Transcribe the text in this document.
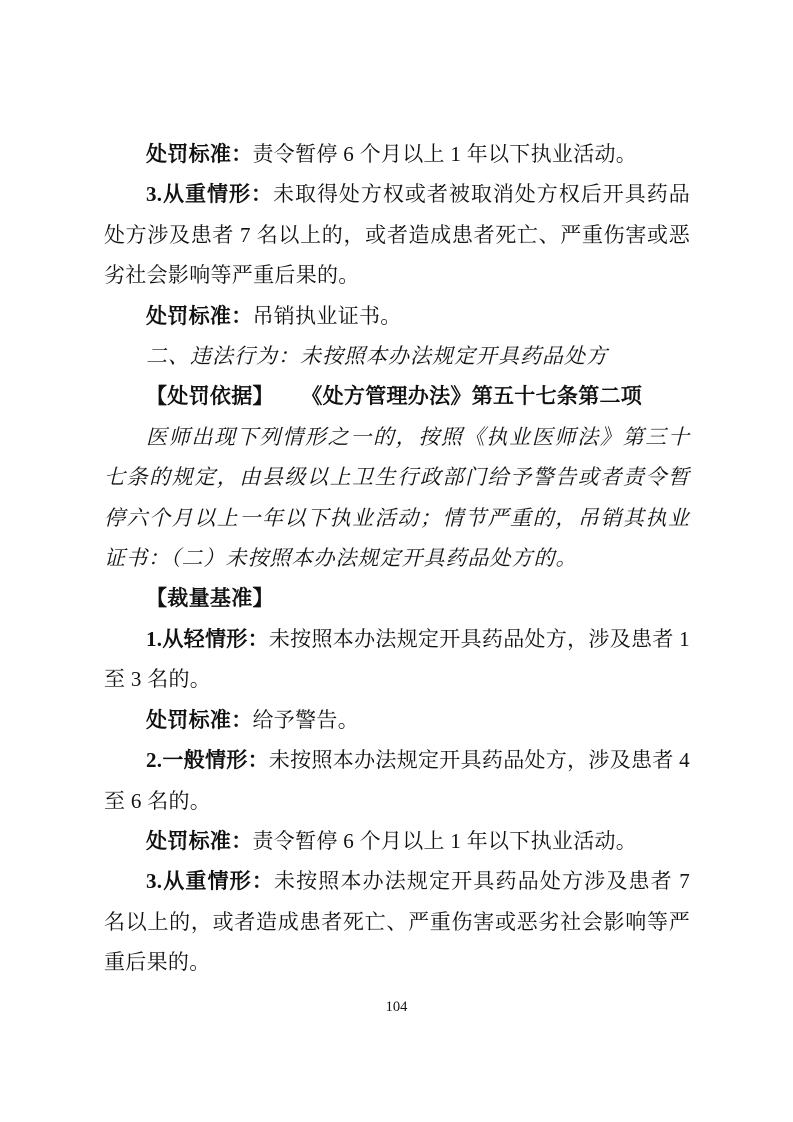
处罚标准：责令暂停 6 个月以上 1 年以下执业活动。

3.从重情形：未取得处方权或者被取消处方权后开具药品处方涉及患者 7 名以上的，或者造成患者死亡、严重伤害或恶劣社会影响等严重后果的。

处罚标准：吊销执业证书。

二、违法行为：未按照本办法规定开具药品处方

【处罚依据】 《处方管理办法》第五十七条第二项

医师出现下列情形之一的，按照《执业医师法》第三十七条的规定，由县级以上卫生行政部门给予警告或者责令暂停六个月以上一年以下执业活动；情节严重的，吊销其执业证书：（二）未按照本办法规定开具药品处方的。

【裁量基准】

1.从轻情形：未按照本办法规定开具药品处方，涉及患者 1 至 3 名的。

处罚标准：给予警告。

2.一般情形：未按照本办法规定开具药品处方，涉及患者 4 至 6 名的。

处罚标准：责令暂停 6 个月以上 1 年以下执业活动。

3.从重情形：未按照本办法规定开具药品处方涉及患者 7 名以上的，或者造成患者死亡、严重伤害或恶劣社会影响等严重后果的。

104
